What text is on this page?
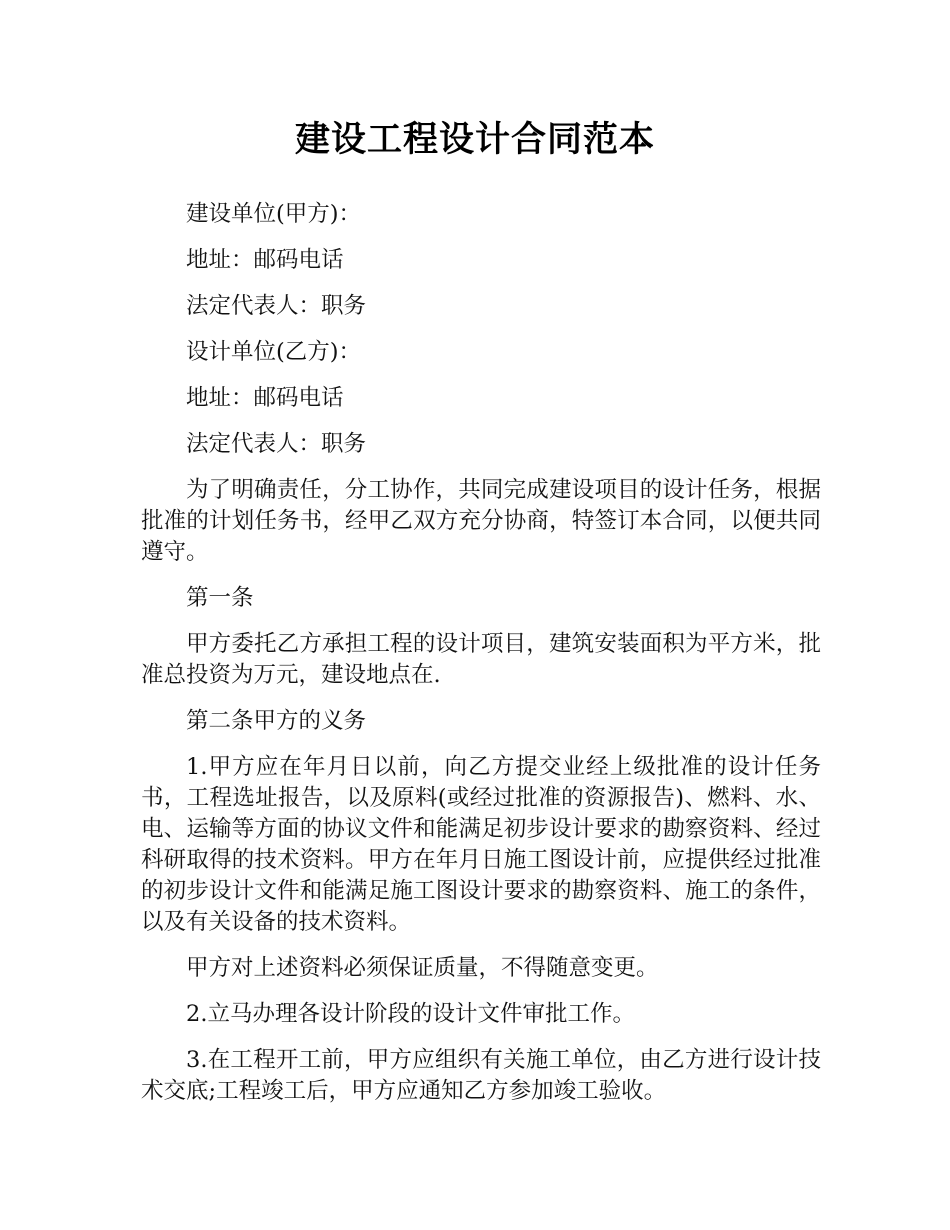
建设工程设计合同范本

建设单位(甲方)：

地址：邮码电话

法定代表人：职务

设计单位(乙方)：

地址：邮码电话

法定代表人：职务

为了明确责任，分工协作，共同完成建设项目的设计任务，根据批准的计划任务书，经甲乙双方充分协商，特签订本合同，以便共同遵守。

第一条

甲方委托乙方承担工程的设计项目，建筑安装面积为平方米，批准总投资为万元，建设地点在.

第二条甲方的义务

1.甲方应在年月日以前，向乙方提交业经上级批准的设计任务书，工程选址报告，以及原料(或经过批准的资源报告)、燃料、水、电、运输等方面的协议文件和能满足初步设计要求的勘察资料、经过科研取得的技术资料。甲方在年月日施工图设计前，应提供经过批准的初步设计文件和能满足施工图设计要求的勘察资料、施工的条件，以及有关设备的技术资料。

甲方对上述资料必须保证质量，不得随意变更。

2.立马办理各设计阶段的设计文件审批工作。

3.在工程开工前，甲方应组织有关施工单位，由乙方进行设计技术交底;工程竣工后，甲方应通知乙方参加竣工验收。
